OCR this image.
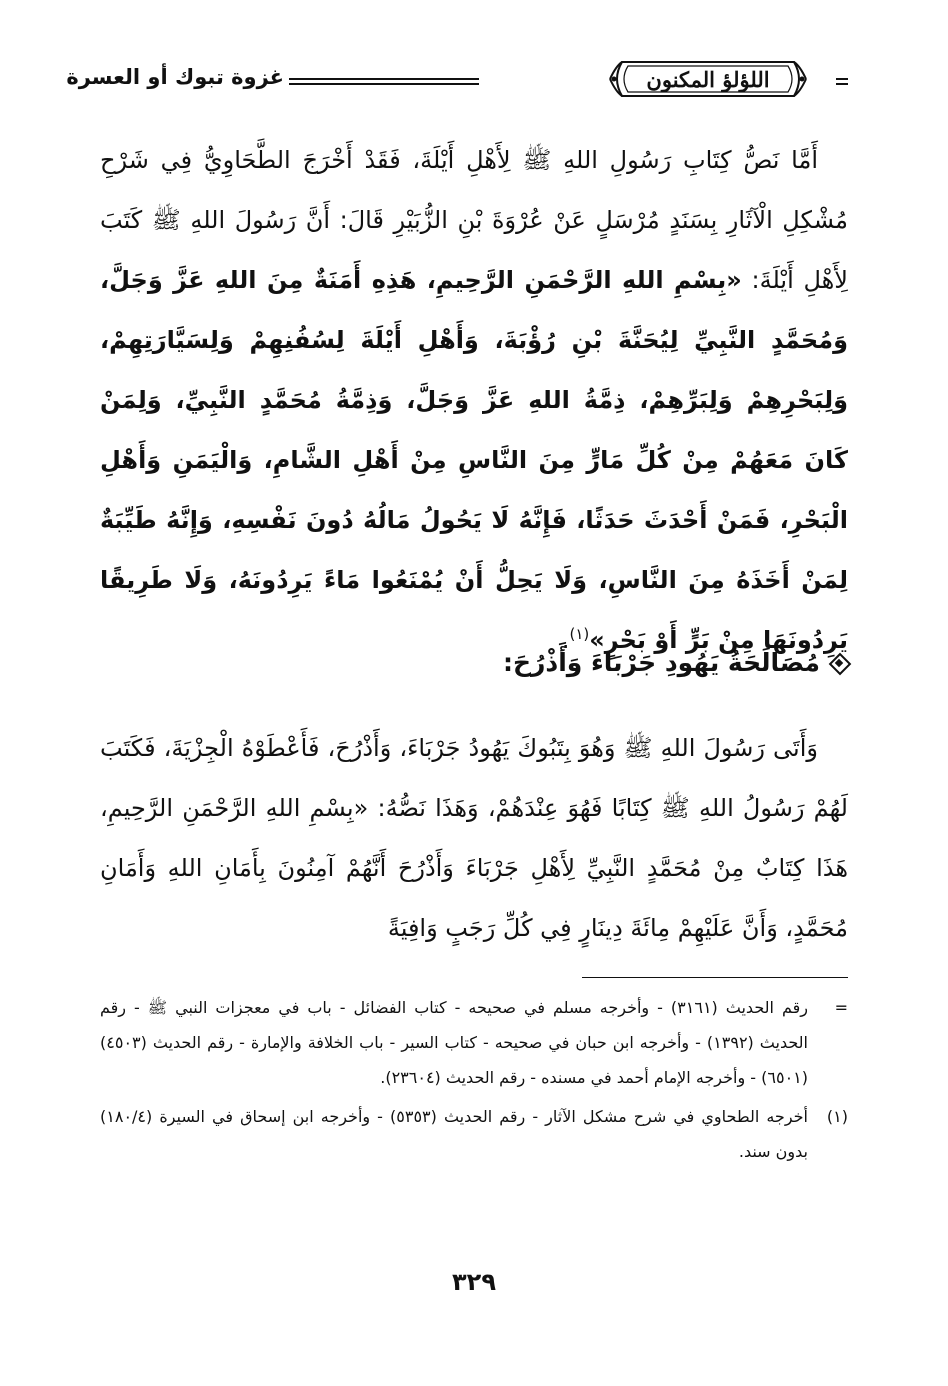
اللؤلؤ المكنون
غزوة تبوك أو العسرة

أَمَّا نَصُّ كِتَابِ رَسُولِ اللهِ ﷺ لِأَهْلِ أَيْلَةَ، فَقَدْ أَخْرَجَ الطَّحَاوِيُّ فِي شَرْحِ مُشْكِلِ الْآثَارِ بِسَنَدٍ مُرْسَلٍ عَنْ عُرْوَةَ بْنِ الزُّبَيْرِ قَالَ: أَنَّ رَسُولَ اللهِ ﷺ كَتَبَ لِأَهْلِ أَيْلَةَ: «بِسْمِ اللهِ الرَّحْمَنِ الرَّحِيمِ، هَذِهِ أَمَنَةٌ مِنَ اللهِ عَزَّ وَجَلَّ، وَمُحَمَّدٍ النَّبِيِّ لِيُحَنَّةَ بْنِ رُؤْبَةَ، وَأَهْلِ أَيْلَةَ لِسُفُنِهِمْ وَلِسَيَّارَتِهِمْ، وَلِبَحْرِهِمْ وَلِبَرِّهِمْ، ذِمَّةُ اللهِ عَزَّ وَجَلَّ، وَذِمَّةُ مُحَمَّدٍ النَّبِيِّ، وَلِمَنْ كَانَ مَعَهُمْ مِنْ كُلِّ مَارٍّ مِنَ النَّاسِ مِنْ أَهْلِ الشَّامِ، وَالْيَمَنِ وَأَهْلِ الْبَحْرِ، فَمَنْ أَحْدَثَ حَدَثًا، فَإِنَّهُ لَا يَحُولُ مَالُهُ دُونَ نَفْسِهِ، وَإِنَّهُ طَيِّبَةٌ لِمَنْ أَخَذَهُ مِنَ النَّاسِ، وَلَا يَحِلُّ أَنْ يُمْنَعُوا مَاءً يَرِدُونَهُ، وَلَا طَرِيقًا يَرِدُونَهَا مِنْ بَرٍّ أَوْ بَحْرٍ»$^{(١)}$.

مُصَالَحَةُ يَهُودِ جَرْبَاءَ وَأَذْرُحَ:

وَأَتَى رَسُولَ اللهِ ﷺ وَهُوَ بِتَبُوكَ يَهُودُ جَرْبَاءَ، وَأَذْرُحَ، فَأَعْطَوْهُ الْجِزْيَةَ، فَكَتَبَ لَهُمْ رَسُولُ اللهِ ﷺ كِتَابًا فَهُوَ عِنْدَهُمْ، وَهَذَا نَصُّهُ: «بِسْمِ اللهِ الرَّحْمَنِ الرَّحِيمِ، هَذَا كِتَابٌ مِنْ مُحَمَّدٍ النَّبِيِّ لِأَهْلِ جَرْبَاءَ وَأَذْرُحَ أَنَّهُمْ آمِنُونَ بِأَمَانِ اللهِ وَأَمَانِ مُحَمَّدٍ، وَأَنَّ عَلَيْهِمْ مِائَةَ دِينَارٍ فِي كُلِّ رَجَبٍ وَافِيَةً

=
رقم الحديث (٣١٦١) - وأخرجه مسلم في صحيحه - كتاب الفضائل - باب في معجزات النبي ﷺ - رقم الحديث (١٣٩٢) - وأخرجه ابن حبان في صحيحه - كتاب السير - باب الخلافة والإمارة - رقم الحديث (٤٥٠٣) (٦٥٠١) - وأخرجه الإمام أحمد في مسنده - رقم الحديث (٢٣٦٠٤).
(١)
أخرجه الطحاوي في شرح مشكل الآثار - رقم الحديث (٥٣٥٣) - وأخرجه ابن إسحاق في السيرة (١٨٠/٤) بدون سند.
٣٢٩
